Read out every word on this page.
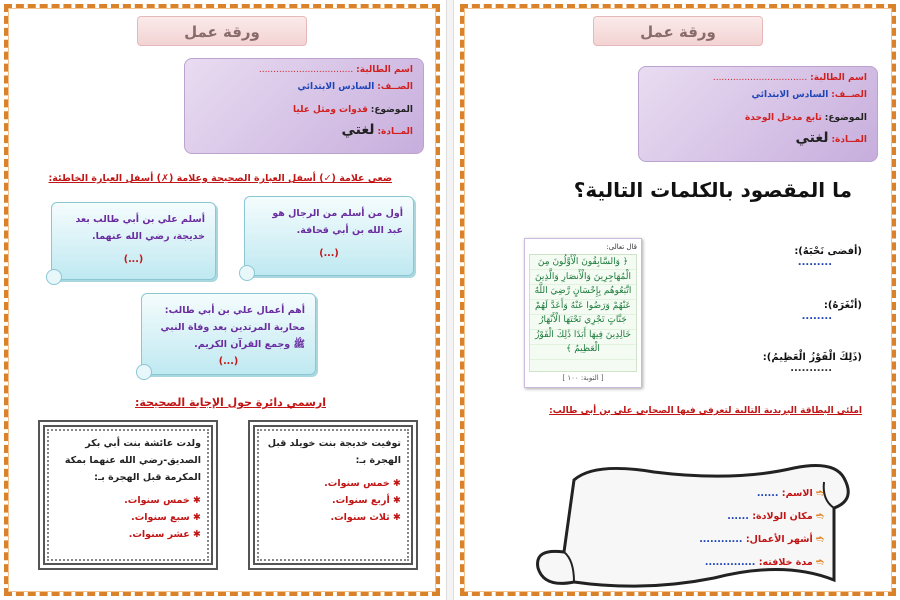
ورقة عمل
اسم الطالبة: .................................
الصــف: السادس الابتدائي
الموضوع: قدوات ومثل عليا
المــادة: لغتي
ضعي علامة (✓) أسفل العبارة الصحيحة وعلامة (✗) أسفل العبارة الخاطئة:
أول من أسلم من الرجال هو عبد الله بن أبي قحافة.
(...)
أسلم علي بن أبي طالب بعد خديجة، رضي الله عنهما.
(...)
أهم أعمال علي بن أبي طالب: محاربة المرتدين بعد وفاة النبي ﷺ وجمع القرآن الكريم.
(...)
ارسمي دائرة حول الإجابة الصحيحة:
توفيت خديجة بنت خويلد قبل الهجرة بـ:
✱ خمس سنوات.
✱ أربع سنوات.
✱ ثلاث سنوات.
ولدت عائشة بنت أبي بكر الصديق-رضي الله عنهما بمكة المكرمة قبل الهجرة بـ:
✱ خمس سنوات.
✱ سبع سنوات.
✱ عشر سنوات.
ورقة عمل
اسم الطالبة: .................................
الصــف: السادس الابتدائي
الموضوع: تابع مدخل الوحدة
المــادة: لغتي
ما المقصود بالكلمات التالية؟
(أفضى نَحْبَهُ):
.........
(أنْغَرَهُ):
........
(ذَلِكَ الْفَوْزُ الْعَظِيمُ):
...........
قال تعالى:
﴿ وَالسَّابِقُونَ الْأَوَّلُونَ مِنَ الْمُهَاجِرِينَ وَالْأَنصَارِ وَالَّذِينَ اتَّبَعُوهُم بِإِحْسَانٍ رَّضِيَ اللَّهُ عَنْهُمْ وَرَضُوا عَنْهُ وَأَعَدَّ لَهُمْ جَنَّاتٍ تَجْرِي تَحْتَهَا الْأَنْهَارُ خَالِدِينَ فِيهَا أَبَدًا ذَٰلِكَ الْفَوْزُ الْعَظِيمُ ﴾
[ التوبة: ١٠٠ ]
املئي البطاقة البريدية التالية لتعرفي فيها الصحابي علي بن أبي طالب:
➬ الاسم: ......
➬ مكان الولادة: ......
➬ أشهر الأعمال: ............
➬ مدة خلافته: ..............
